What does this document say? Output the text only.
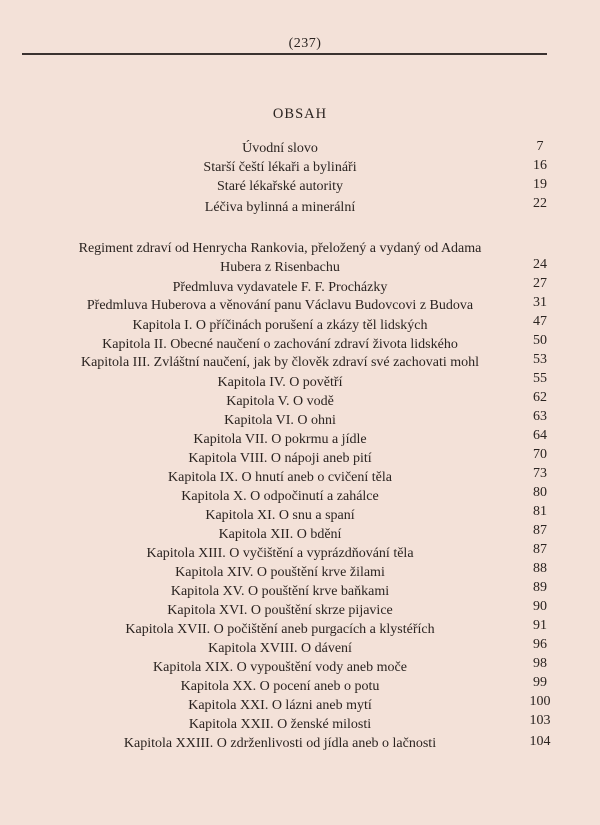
(237)
OBSAH
Úvodní slovo	7
Starší čeští lékaři a bylináři	16
Staré lékařské autority	19
Léčiva bylinná a minerální	22
Regiment zdraví od Henrycha Rankovia, přeložený a vydaný od Adama
Hubera z Risenbachu	24
Předmluva vydavatele F. F. Procházky	27
Předmluva Huberova a věnování panu Václavu Budovcovi z Budova	31
Kapitola I. O příčinách porušení a zkázy těl lidských	47
Kapitola II. Obecné naučení o zachování zdraví života lidského	50
Kapitola III. Zvláštní naučení, jak by člověk zdraví své zachovati mohl	53
Kapitola IV. O povětří	55
Kapitola V. O vodě	62
Kapitola VI. O ohni	63
Kapitola VII. O pokrmu a jídle	64
Kapitola VIII. O nápoji aneb pití	70
Kapitola IX. O hnutí aneb o cvičení těla	73
Kapitola X. O odpočinutí a zahálce	80
Kapitola XI. O snu a spaní	81
Kapitola XII. O bdění	87
Kapitola XIII. O vyčištění a vyprázdňování těla	87
Kapitola XIV. O pouštění krve žilami	88
Kapitola XV. O pouštění krve baňkami	89
Kapitola XVI. O pouštění skrze pijavice	90
Kapitola XVII. O počištění aneb purgacích a klystéřích	91
Kapitola XVIII. O dávení	96
Kapitola XIX. O vypouštění vody aneb moče	98
Kapitola XX. O pocení aneb o potu	99
Kapitola XXI. O lázni aneb mytí	100
Kapitola XXII. O ženské milosti	103
Kapitola XXIII. O zdrženlivosti od jídla aneb o lačnosti	104
